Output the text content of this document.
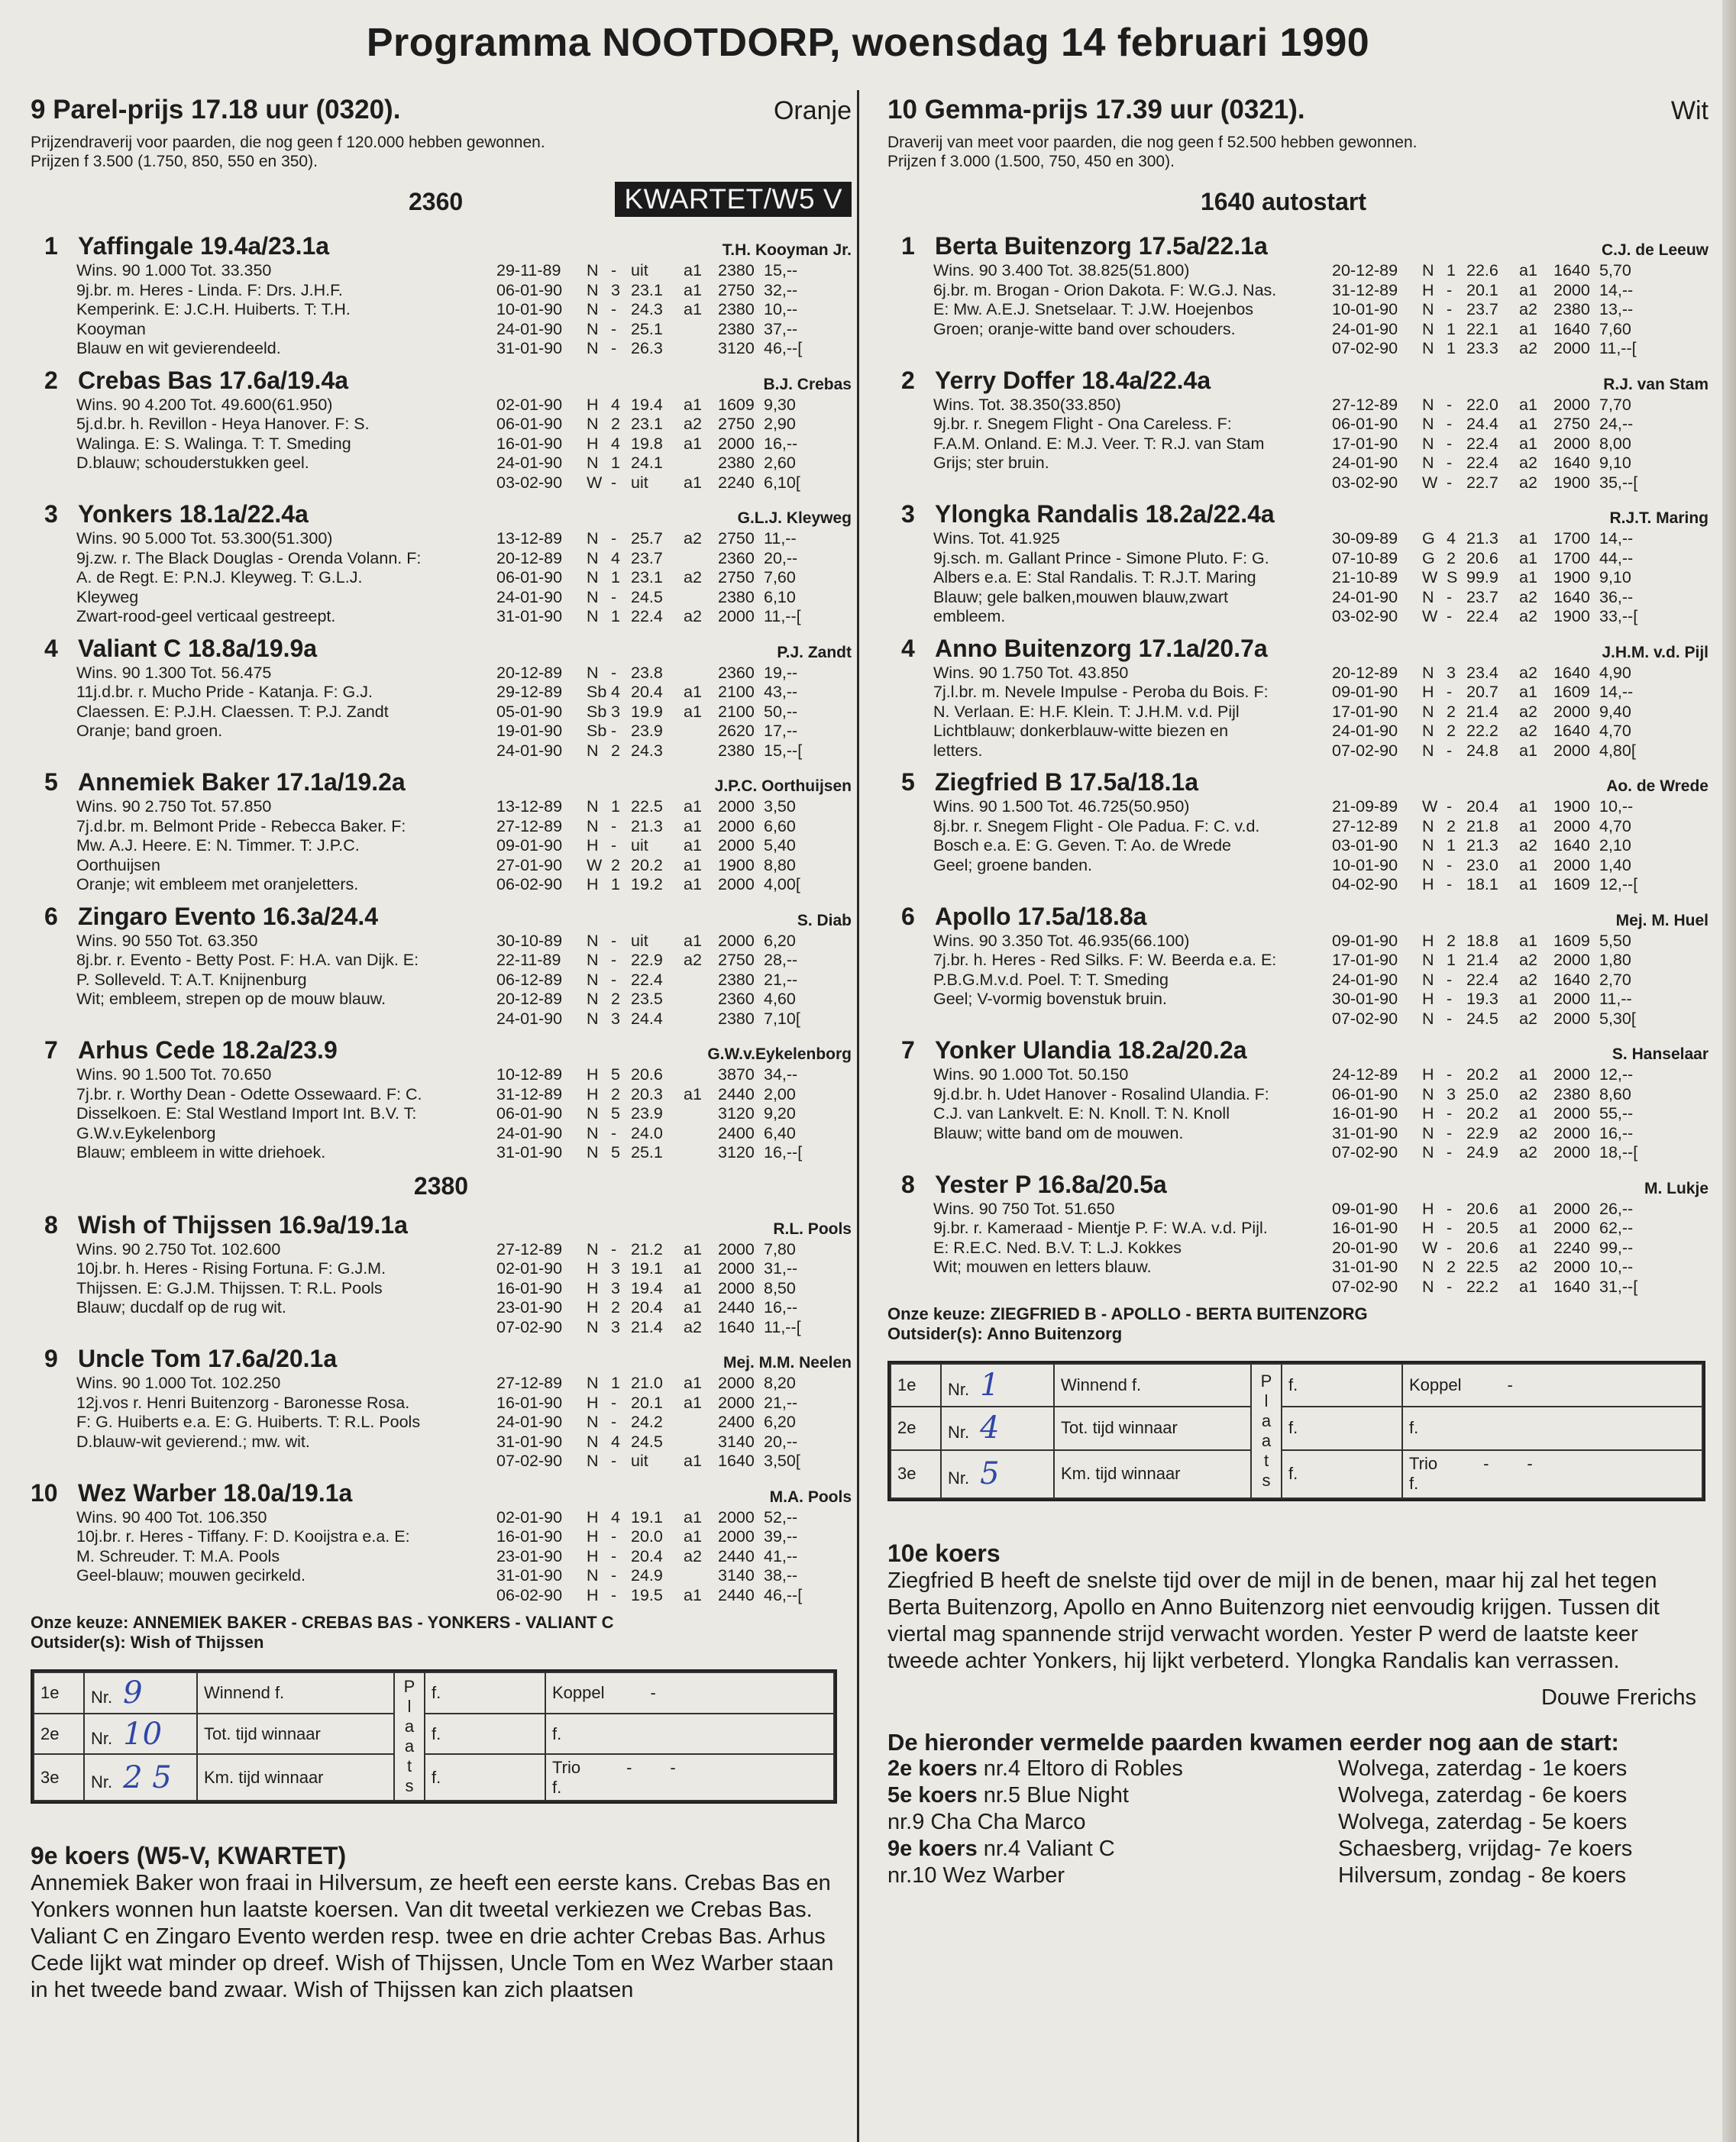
Programma NOOTDORP, woensdag 14 februari 1990
9 Parel-prijs 17.18 uur (0320).	Oranje
Prijzendraverij voor paarden, die nog geen f 120.000 hebben gewonnen.
Prijzen f 3.500 (1.750, 850, 550 en 350).
2360	KWARTET/W5 V
1 Yaffingale 19.4a/23.1a	T.H. Kooyman Jr.
Wins. 90 1.000 Tot. 33.350
9j.br. m. Heres - Linda. F: Drs. J.H.F.
Kemperink. E: J.C.H. Huiberts. T: T.H.
Kooyman
Blauw en wit gevierendeeld.
29-11-89 N - uit a1 2380 15,--
06-01-90 N 3 23.1 a1 2750 32,--
10-01-90 N - 24.3 a1 2380 10,--
24-01-90 N - 25.1	2380 37,--
31-01-90 N - 26.3	3120 46,--[
2 Crebas Bas 17.6a/19.4a	B.J. Crebas
Wins. 90 4.200 Tot. 49.600(61.950)
5j.d.br. h. Revillon - Heya Hanover. F: S.
Walinga. E: S. Walinga. T: T. Smeding
D.blauw; schouderstukken geel.
02-01-90 H 4 19.4 a1 1609 9,30
06-01-90 N 2 23.1 a2 2750 2,90
16-01-90 H 4 19.8 a1 2000 16,--
24-01-90 N 1 24.1	2380 2,60
03-02-90 W - uit a1 2240 6,10[
3 Yonkers 18.1a/22.4a	G.L.J. Kleyweg
Wins. 90 5.000 Tot. 53.300(51.300)
9j.zw. r. The Black Douglas - Orenda Volann. F:
A. de Regt. E: P.N.J. Kleyweg. T: G.L.J.
Kleyweg
Zwart-rood-geel verticaal gestreept.
13-12-89 N - 25.7 a2 2750 11,--
20-12-89 N 4 23.7	2360 20,--
06-01-90 N 1 23.1 a2 2750 7,60
24-01-90 N - 24.5	2380 6,10
31-01-90 N 1 22.4 a2 2000 11,--[
4 Valiant C 18.8a/19.9a	P.J. Zandt
Wins. 90 1.300 Tot. 56.475
11j.d.br. r. Mucho Pride - Katanja. F: G.J.
Claessen. E: P.J.H. Claessen. T: P.J. Zandt
Oranje; band groen.
20-12-89 N - 23.8	2360 19,--
29-12-89 Sb 4 20.4 a1 2100 43,--
05-01-90 Sb 3 19.9 a1 2100 50,--
19-01-90 Sb - 23.9	2620 17,--
24-01-90 N 2 24.3	2380 15,--[
5 Annemiek Baker 17.1a/19.2a	J.P.C. Oorthuijsen
Wins. 90 2.750 Tot. 57.850
7j.d.br. m. Belmont Pride - Rebecca Baker. F:
Mw. A.J. Heere. E: N. Timmer. T: J.P.C.
Oorthuijsen
Oranje; wit embleem met oranjeletters.
13-12-89 N 1 22.5 a1 2000 3,50
27-12-89 N - 21.3 a1 2000 6,60
09-01-90 H - uit a1 2000 5,40
27-01-90 W 2 20.2 a1 1900 8,80
06-02-90 H 1 19.2 a1 2000 4,00[
6 Zingaro Evento 16.3a/24.4	S. Diab
Wins. 90 550 Tot. 63.350
8j.br. r. Evento - Betty Post. F: H.A. van Dijk. E:
P. Solleveld. T: A.T. Knijnenburg
Wit; embleem, strepen op de mouw blauw.
30-10-89 N - uit a1 2000 6,20
22-11-89 N - 22.9 a2 2750 28,--
06-12-89 N - 22.4	2380 21,--
20-12-89 N 2 23.5	2360 4,60
24-01-90 N 3 24.4	2380 7,10[
7 Arhus Cede 18.2a/23.9	G.W.v.Eykelenborg
Wins. 90 1.500 Tot. 70.650
7j.br. r. Worthy Dean - Odette Ossewaard. F: C.
Disselkoen. E: Stal Westland Import Int. B.V. T:
G.W.v.Eykelenborg
Blauw; embleem in witte driehoek.
10-12-89 H 5 20.6	3870 34,--
31-12-89 H 2 20.3 a1 2440 2,00
06-01-90 N 5 23.9	3120 9,20
24-01-90 N - 24.0	2400 6,40
31-01-90 N 5 25.1	3120 16,--[
2380
8 Wish of Thijssen 16.9a/19.1a	R.L. Pools
Wins. 90 2.750 Tot. 102.600
10j.br. h. Heres - Rising Fortuna. F: G.J.M.
Thijssen. E: G.J.M. Thijssen. T: R.L. Pools
Blauw; ducdalf op de rug wit.
27-12-89 N - 21.2 a1 2000 7,80
02-01-90 H 3 19.1 a1 2000 31,--
16-01-90 H 3 19.4 a1 2000 8,50
23-01-90 H 2 20.4 a1 2440 16,--
07-02-90 N 3 21.4 a2 1640 11,--[
9 Uncle Tom 17.6a/20.1a	Mej. M.M. Neelen
Wins. 90 1.000 Tot. 102.250
12j.vos r. Henri Buitenzorg - Baronesse Rosa.
F: G. Huiberts e.a. E: G. Huiberts. T: R.L. Pools
D.blauw-wit gevierend.; mw. wit.
27-12-89 N 1 21.0 a1 2000 8,20
16-01-90 H - 20.1 a1 2000 21,--
24-01-90 N - 24.2	2400 6,20
31-01-90 N 4 24.5	3140 20,--
07-02-90 N - uit a1 1640 3,50[
10 Wez Warber 18.0a/19.1a	M.A. Pools
Wins. 90 400 Tot. 106.350
10j.br. r. Heres - Tiffany. F: D. Kooijstra e.a. E:
M. Schreuder. T: M.A. Pools
Geel-blauw; mouwen gecirkeld.
02-01-90 H 4 19.1 a1 2000 52,--
16-01-90 H - 20.0 a1 2000 39,--
23-01-90 H - 20.4 a2 2440 41,--
31-01-90 N - 24.9	3140 38,--
06-02-90 H - 19.5 a1 2440 46,--[
Onze keuze: ANNEMIEK BAKER - CREBAS BAS - YONKERS - VALIANT C
Outsider(s): Wish of Thijssen
1e	Nr. 9	Winnend f.	P l a a t s	f.	Koppel -
2e	Nr. 10	Tot. tijd winnaar		f.	f.
3e	Nr. 2 5	Km. tijd winnaar		f.	Trio - -
f.
9e koers (W5-V, KWARTET)
Annemiek Baker won fraai in Hilversum, ze heeft een eerste kans. Crebas Bas en Yonkers wonnen hun laatste koersen. Van dit tweetal verkiezen we Crebas Bas. Valiant C en Zingaro Evento werden resp. twee en drie achter Crebas Bas. Arhus Cede lijkt wat minder op dreef. Wish of Thijssen, Uncle Tom en Wez Warber staan in het tweede band zwaar. Wish of Thijssen kan zich plaatsen
10 Gemma-prijs 17.39 uur (0321).	Wit
Draverij van meet voor paarden, die nog geen f 52.500 hebben gewonnen.
Prijzen f 3.000 (1.500, 750, 450 en 300).
1640 autostart
1 Berta Buitenzorg 17.5a/22.1a	C.J. de Leeuw
Wins. 90 3.400 Tot. 38.825(51.800)
6j.br. m. Brogan - Orion Dakota. F: W.G.J. Nas.
E: Mw. A.E.J. Snetselaar. T: J.W. Hoejenbos
Groen; oranje-witte band over schouders.
20-12-89 N 1 22.6 a1 1640 5,70
31-12-89 H - 20.1 a1 2000 14,--
10-01-90 N - 23.7 a2 2380 13,--
24-01-90 N 1 22.1 a1 1640 7,60
07-02-90 N 1 23.3 a2 2000 11,--[
2 Yerry Doffer 18.4a/22.4a	R.J. van Stam
Wins. Tot. 38.350(33.850)
9j.br. r. Snegem Flight - Ona Careless. F:
F.A.M. Onland. E: M.J. Veer. T: R.J. van Stam
Grijs; ster bruin.
27-12-89 N - 22.0 a1 2000 7,70
06-01-90 N - 24.4 a1 2750 24,--
17-01-90 N - 22.4 a1 2000 8,00
24-01-90 N - 22.4 a2 1640 9,10
03-02-90 W - 22.7 a2 1900 35,--[
3 Ylongka Randalis 18.2a/22.4a	R.J.T. Maring
Wins. Tot. 41.925
9j.sch. m. Gallant Prince - Simone Pluto. F: G.
Albers e.a. E: Stal Randalis. T: R.J.T. Maring
Blauw; gele balken,mouwen blauw,zwart
embleem.
30-09-89 G 4 21.3 a1 1700 14,--
07-10-89 G 2 20.6 a1 1700 44,--
21-10-89 W S 99.9 a1 1900 9,10
24-01-90 N - 23.7 a2 1640 36,--
03-02-90 W - 22.4 a2 1900 33,--[
4 Anno Buitenzorg 17.1a/20.7a	J.H.M. v.d. Pijl
Wins. 90 1.750 Tot. 43.850
7j.l.br. m. Nevele Impulse - Peroba du Bois. F:
N. Verlaan. E: H.F. Klein. T: J.H.M. v.d. Pijl
Lichtblauw; donkerblauw-witte biezen en
letters.
20-12-89 N 3 23.4 a2 1640 4,90
09-01-90 H - 20.7 a1 1609 14,--
17-01-90 N 2 21.4 a2 2000 9,40
24-01-90 N 2 22.2 a2 1640 4,70
07-02-90 N - 24.8 a1 2000 4,80[
5 Ziegfried B 17.5a/18.1a	Ao. de Wrede
Wins. 90 1.500 Tot. 46.725(50.950)
8j.br. r. Snegem Flight - Ole Padua. F: C. v.d.
Bosch e.a. E: G. Geven. T: Ao. de Wrede
Geel; groene banden.
21-09-89 W - 20.4 a1 1900 10,--
27-12-89 N 2 21.8 a1 2000 4,70
03-01-90 N 1 21.3 a2 1640 2,10
10-01-90 N - 23.0 a1 2000 1,40
04-02-90 H - 18.1 a1 1609 12,--[
6 Apollo 17.5a/18.8a	Mej. M. Huel
Wins. 90 3.350 Tot. 46.935(66.100)
7j.br. h. Heres - Red Silks. F: W. Beerda e.a. E:
P.B.G.M.v.d. Poel. T: T. Smeding
Geel; V-vormig bovenstuk bruin.
09-01-90 H 2 18.8 a1 1609 5,50
17-01-90 N 1 21.4 a2 2000 1,80
24-01-90 N - 22.4 a2 1640 2,70
30-01-90 H - 19.3 a1 2000 11,--
07-02-90 N - 24.5 a2 2000 5,30[
7 Yonker Ulandia 18.2a/20.2a	S. Hanselaar
Wins. 90 1.000 Tot. 50.150
9j.d.br. h. Udet Hanover - Rosalind Ulandia. F:
C.J. van Lankvelt. E: N. Knoll. T: N. Knoll
Blauw; witte band om de mouwen.
24-12-89 H - 20.2 a1 2000 12,--
06-01-90 N 3 25.0 a2 2380 8,60
16-01-90 H - 20.2 a1 2000 55,--
31-01-90 N - 22.9 a2 2000 16,--
07-02-90 N - 24.9 a2 2000 18,--[
8 Yester P 16.8a/20.5a	M. Lukje
Wins. 90 750 Tot. 51.650
9j.br. r. Kameraad - Mientje P. F: W.A. v.d. Pijl.
E: R.E.C. Ned. B.V. T: L.J. Kokkes
Wit; mouwen en letters blauw.
09-01-90 H - 20.6 a1 2000 26,--
16-01-90 H - 20.5 a1 2000 62,--
20-01-90 W - 20.6 a1 2240 99,--
31-01-90 N 2 22.5 a2 2000 10,--
07-02-90 N - 22.2 a1 1640 31,--[
Onze keuze: ZIEGFRIED B - APOLLO - BERTA BUITENZORG
Outsider(s): Anno Buitenzorg
1e	Nr. 1	Winnend f.	P l a a t s	f.	Koppel -
2e	Nr. 4	Tot. tijd winnaar		f.	f.
3e	Nr. 5	Km. tijd winnaar		f.	Trio - -
f.
10e koers
Ziegfried B heeft de snelste tijd over de mijl in de benen, maar hij zal het tegen Berta Buitenzorg, Apollo en Anno Buitenzorg niet eenvoudig krijgen. Tussen dit viertal mag spannende strijd verwacht worden. Yester P werd de laatste keer tweede achter Yonkers, hij lijkt verbeterd. Ylongka Randalis kan verrassen.
Douwe Frerichs
De hieronder vermelde paarden kwamen eerder nog aan de start:
2e koers nr.4 Eltoro di Robles	Wolvega, zaterdag - 1e koers
5e koers nr.5 Blue Night	Wolvega, zaterdag - 6e koers
nr.9 Cha Cha Marco	Wolvega, zaterdag - 5e koers
9e koers nr.4 Valiant C	Schaesberg, vrijdag- 7e koers
nr.10 Wez Warber	Hilversum, zondag - 8e koers
